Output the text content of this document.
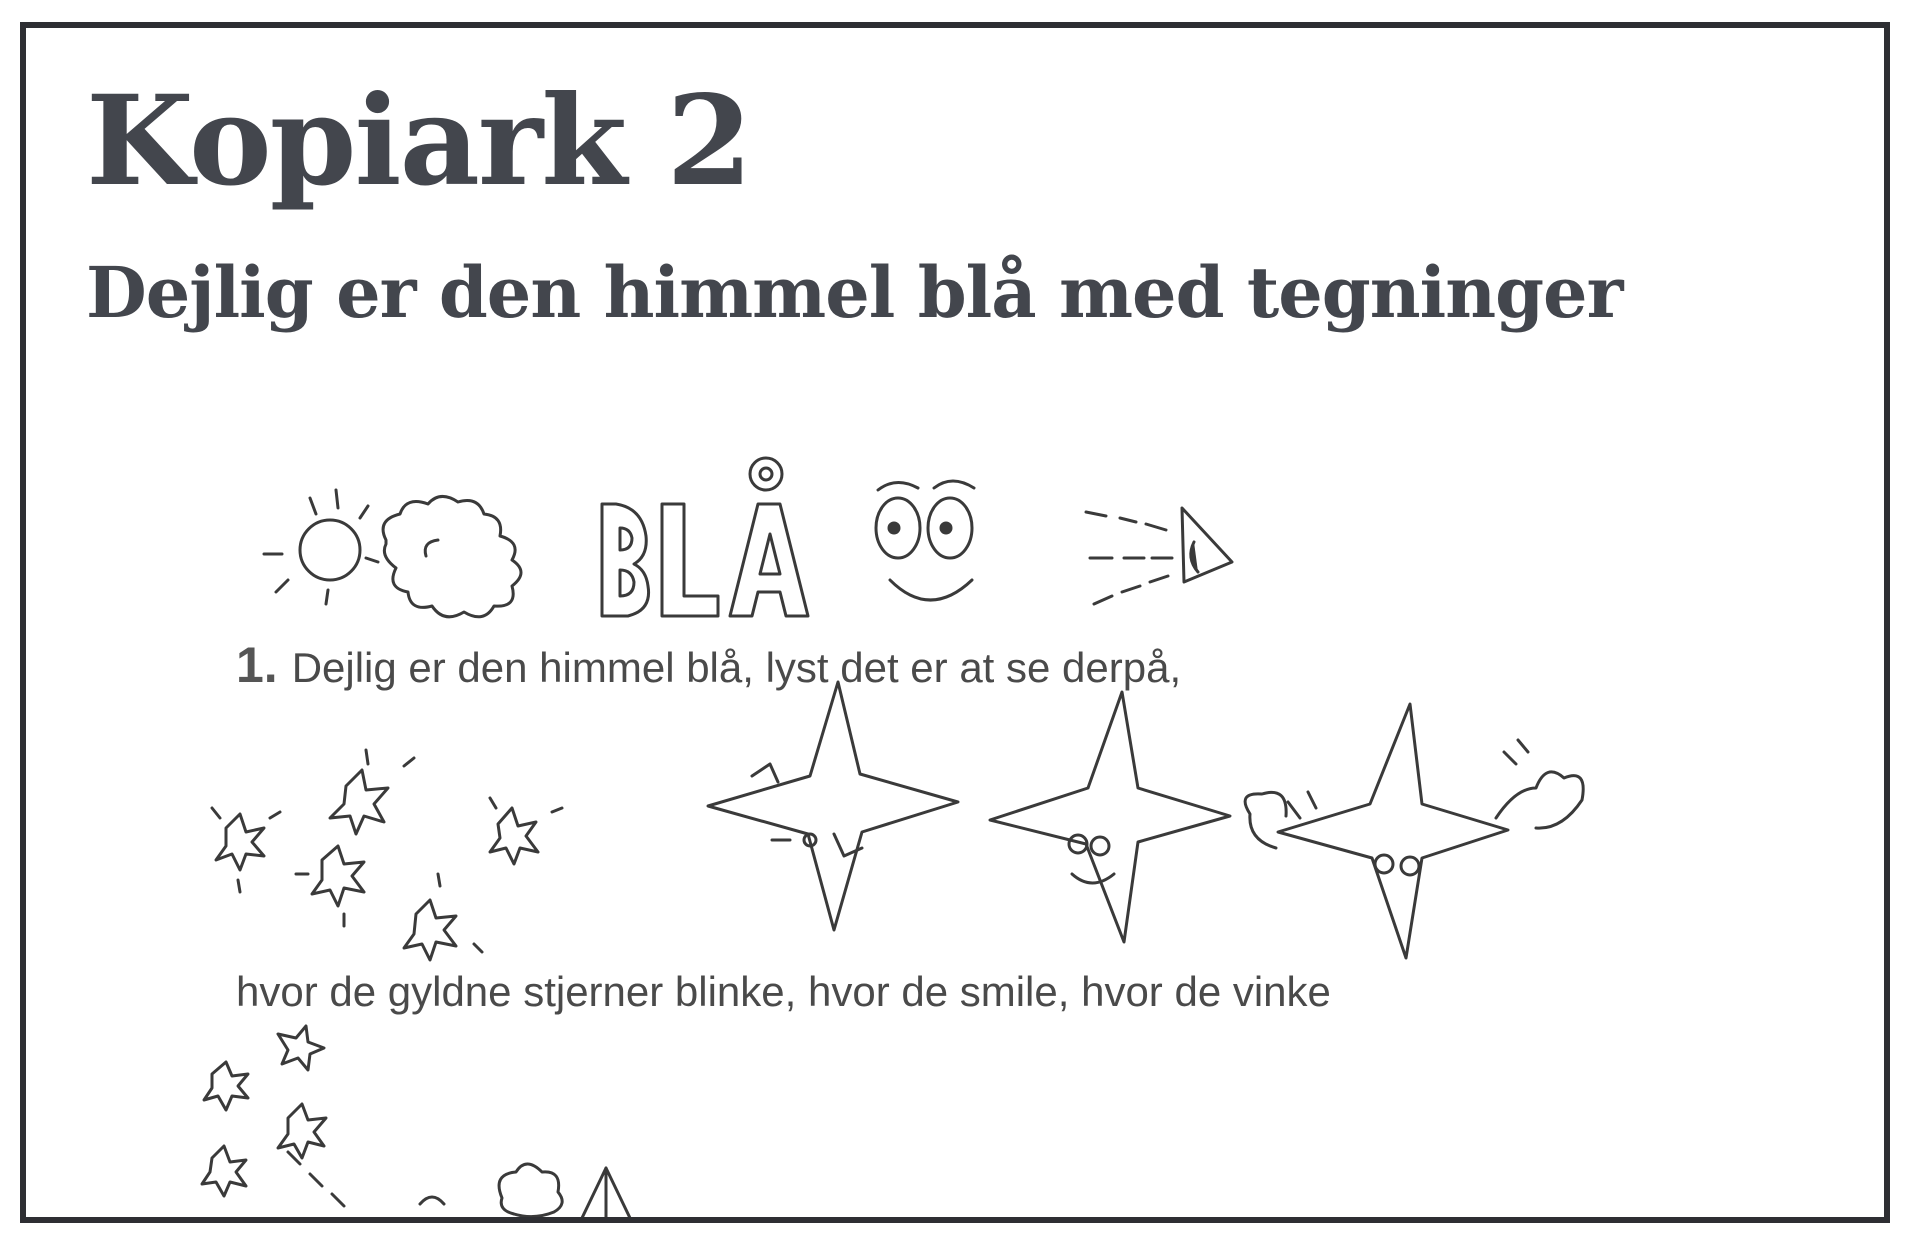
Kopiark 2
Dejlig er den himmel blå med tegninger
1. Dejlig er den himmel blå, lyst det er at se derpå,
hvor de gyldne stjerner blinke, hvor de smile, hvor de vinke
